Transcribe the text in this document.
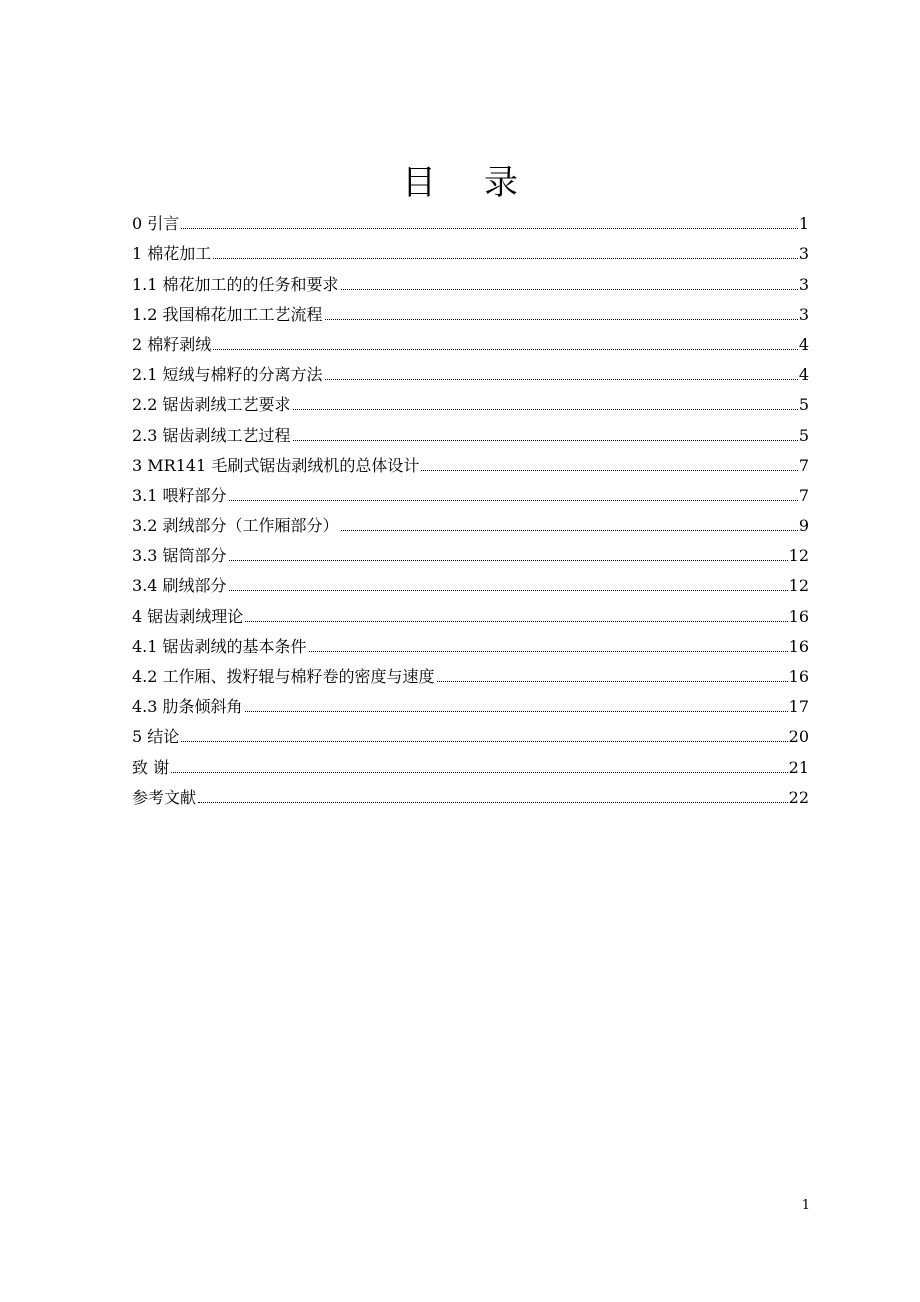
目 录
0 引言	1
1 棉花加工	3
1.1 棉花加工的的任务和要求	3
1.2 我国棉花加工工艺流程	3
2 棉籽剥绒	4
2.1 短绒与棉籽的分离方法	4
2.2 锯齿剥绒工艺要求	5
2.3 锯齿剥绒工艺过程	5
3 MR141 毛刷式锯齿剥绒机的总体设计	7
3.1 喂籽部分	7
3.2 剥绒部分（工作厢部分）	9
3.3 锯筒部分	12
3.4 刷绒部分	12
4 锯齿剥绒理论	16
4.1 锯齿剥绒的基本条件	16
4.2 工作厢、拨籽辊与棉籽卷的密度与速度	16
4.3 肋条倾斜角	17
5 结论	20
致 谢	21
参考文献	22
1
